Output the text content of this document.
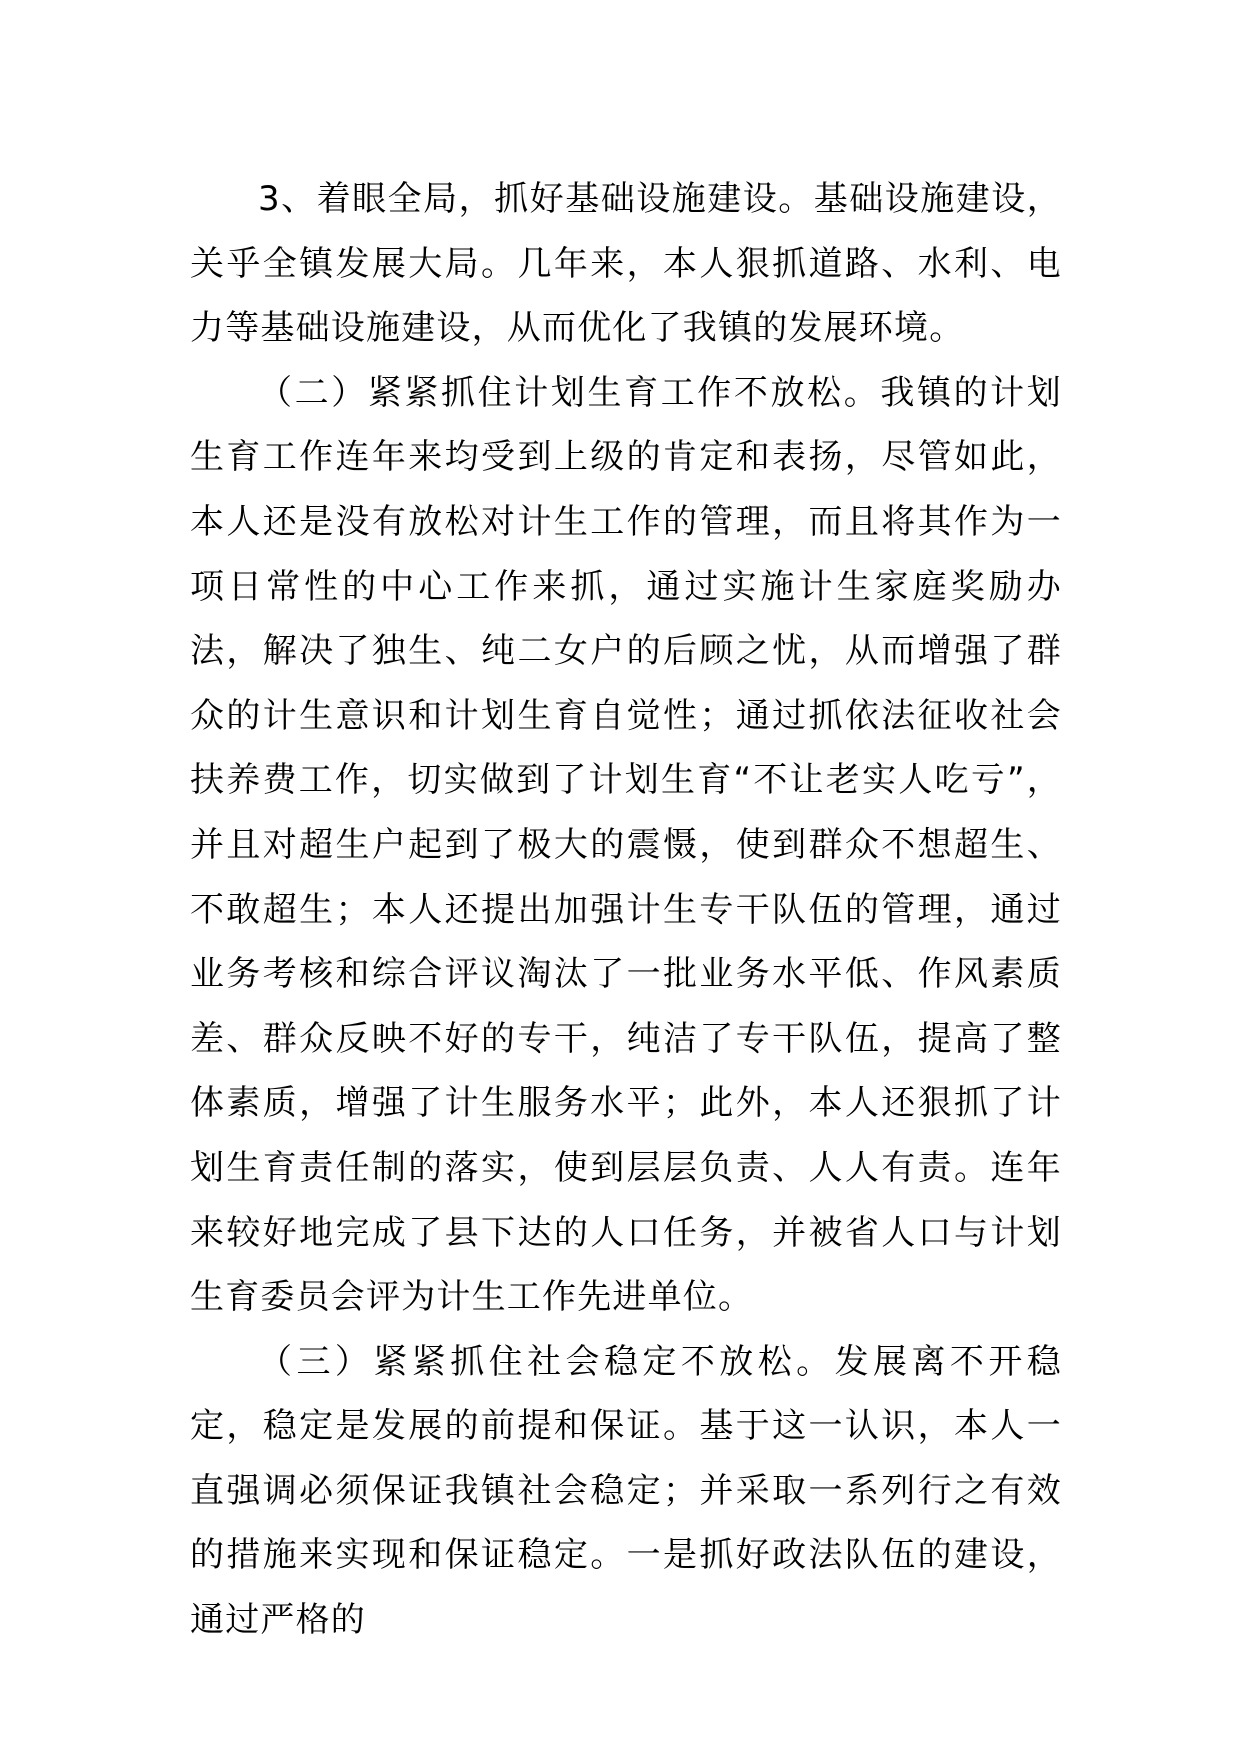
3、着眼全局，抓好基础设施建设。基础设施建设，关乎全镇发展大局。几年来，本人狠抓道路、水利、电力等基础设施建设，从而优化了我镇的发展环境。

（二）紧紧抓住计划生育工作不放松。我镇的计划生育工作连年来均受到上级的肯定和表扬，尽管如此，本人还是没有放松对计生工作的管理，而且将其作为一项日常性的中心工作来抓，通过实施计生家庭奖励办法，解决了独生、纯二女户的后顾之忧，从而增强了群众的计生意识和计划生育自觉性；通过抓依法征收社会扶养费工作，切实做到了计划生育“不让老实人吃亏”，并且对超生户起到了极大的震慑，使到群众不想超生、不敢超生；本人还提出加强计生专干队伍的管理，通过业务考核和综合评议淘汰了一批业务水平低、作风素质差、群众反映不好的专干，纯洁了专干队伍，提高了整体素质，增强了计生服务水平；此外，本人还狠抓了计划生育责任制的落实，使到层层负责、人人有责。连年来较好地完成了县下达的人口任务，并被省人口与计划生育委员会评为计生工作先进单位。

（三）紧紧抓住社会稳定不放松。发展离不开稳定，稳定是发展的前提和保证。基于这一认识，本人一直强调必须保证我镇社会稳定；并采取一系列行之有效的措施来实现和保证稳定。一是抓好政法队伍的建设，通过严格的
